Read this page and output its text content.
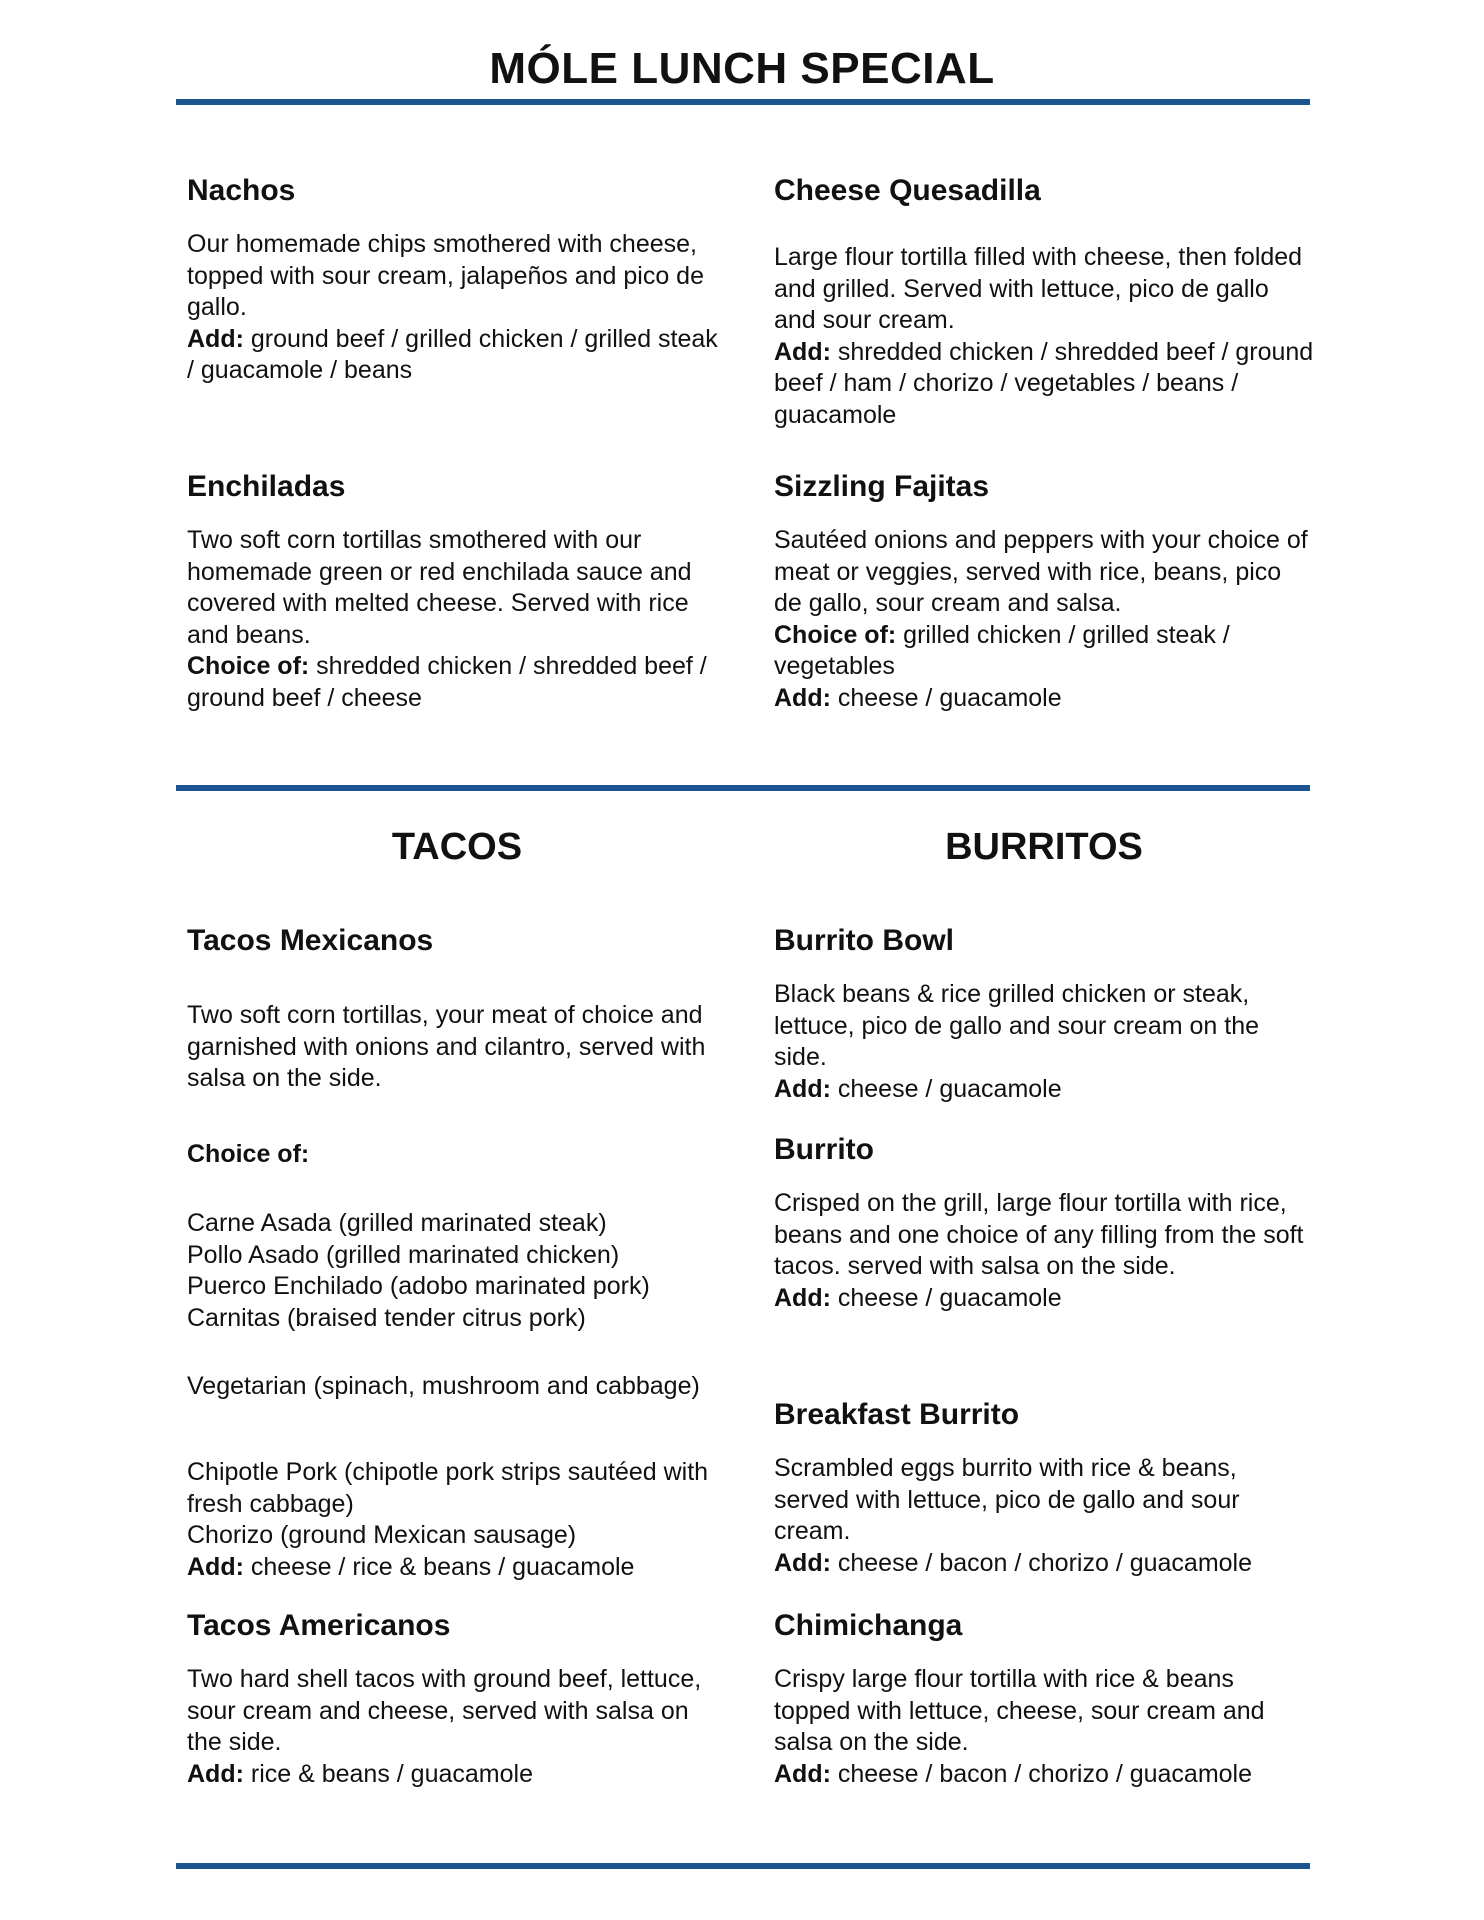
MÓLE LUNCH SPECIAL
Nachos

Our homemade chips smothered with cheese, topped with sour cream, jalapeños and pico de gallo.
Add: ground beef / grilled chicken / grilled steak / guacamole / beans

Enchiladas

Two soft corn tortillas smothered with our homemade green or red enchilada sauce and covered with melted cheese. Served with rice and beans.
Choice of: shredded chicken / shredded beef / ground beef / cheese

Cheese Quesadilla

Large flour tortilla filled with cheese, then folded and grilled. Served with lettuce, pico de gallo and sour cream.
Add: shredded chicken / shredded beef / ground beef / ham / chorizo / vegetables / beans / guacamole

Sizzling Fajitas

Sautéed onions and peppers with your choice of meat or veggies, served with rice, beans, pico de gallo, sour cream and salsa.
Choice of: grilled chicken / grilled steak / vegetables
Add: cheese / guacamole

TACOS
Tacos Mexicanos

Two soft corn tortillas, your meat of choice and garnished with onions and cilantro, served with salsa on the side.

Choice of:

Carne Asada (grilled marinated steak)
Pollo Asado (grilled marinated chicken)
Puerco Enchilado (adobo marinated pork)
Carnitas (braised tender citrus pork)

Vegetarian (spinach, mushroom and cabbage)

Chipotle Pork (chipotle pork strips sautéed with fresh cabbage)
Chorizo (ground Mexican sausage)
Add: cheese / rice & beans / guacamole

Tacos Americanos

Two hard shell tacos with ground beef, lettuce, sour cream and cheese, served with salsa on the side.
Add: rice & beans / guacamole

BURRITOS
Burrito Bowl

Black beans & rice grilled chicken or steak, lettuce, pico de gallo and sour cream on the side.
Add: cheese / guacamole

Burrito

Crisped on the grill, large flour tortilla with rice, beans and one choice of any filling from the soft tacos. served with salsa on the side.
Add: cheese / guacamole

Breakfast Burrito

Scrambled eggs burrito with rice & beans, served with lettuce, pico de gallo and sour cream.
Add: cheese / bacon / chorizo / guacamole

Chimichanga

Crispy large flour tortilla with rice & beans topped with lettuce, cheese, sour cream and salsa on the side.
Add: cheese / bacon / chorizo / guacamole
